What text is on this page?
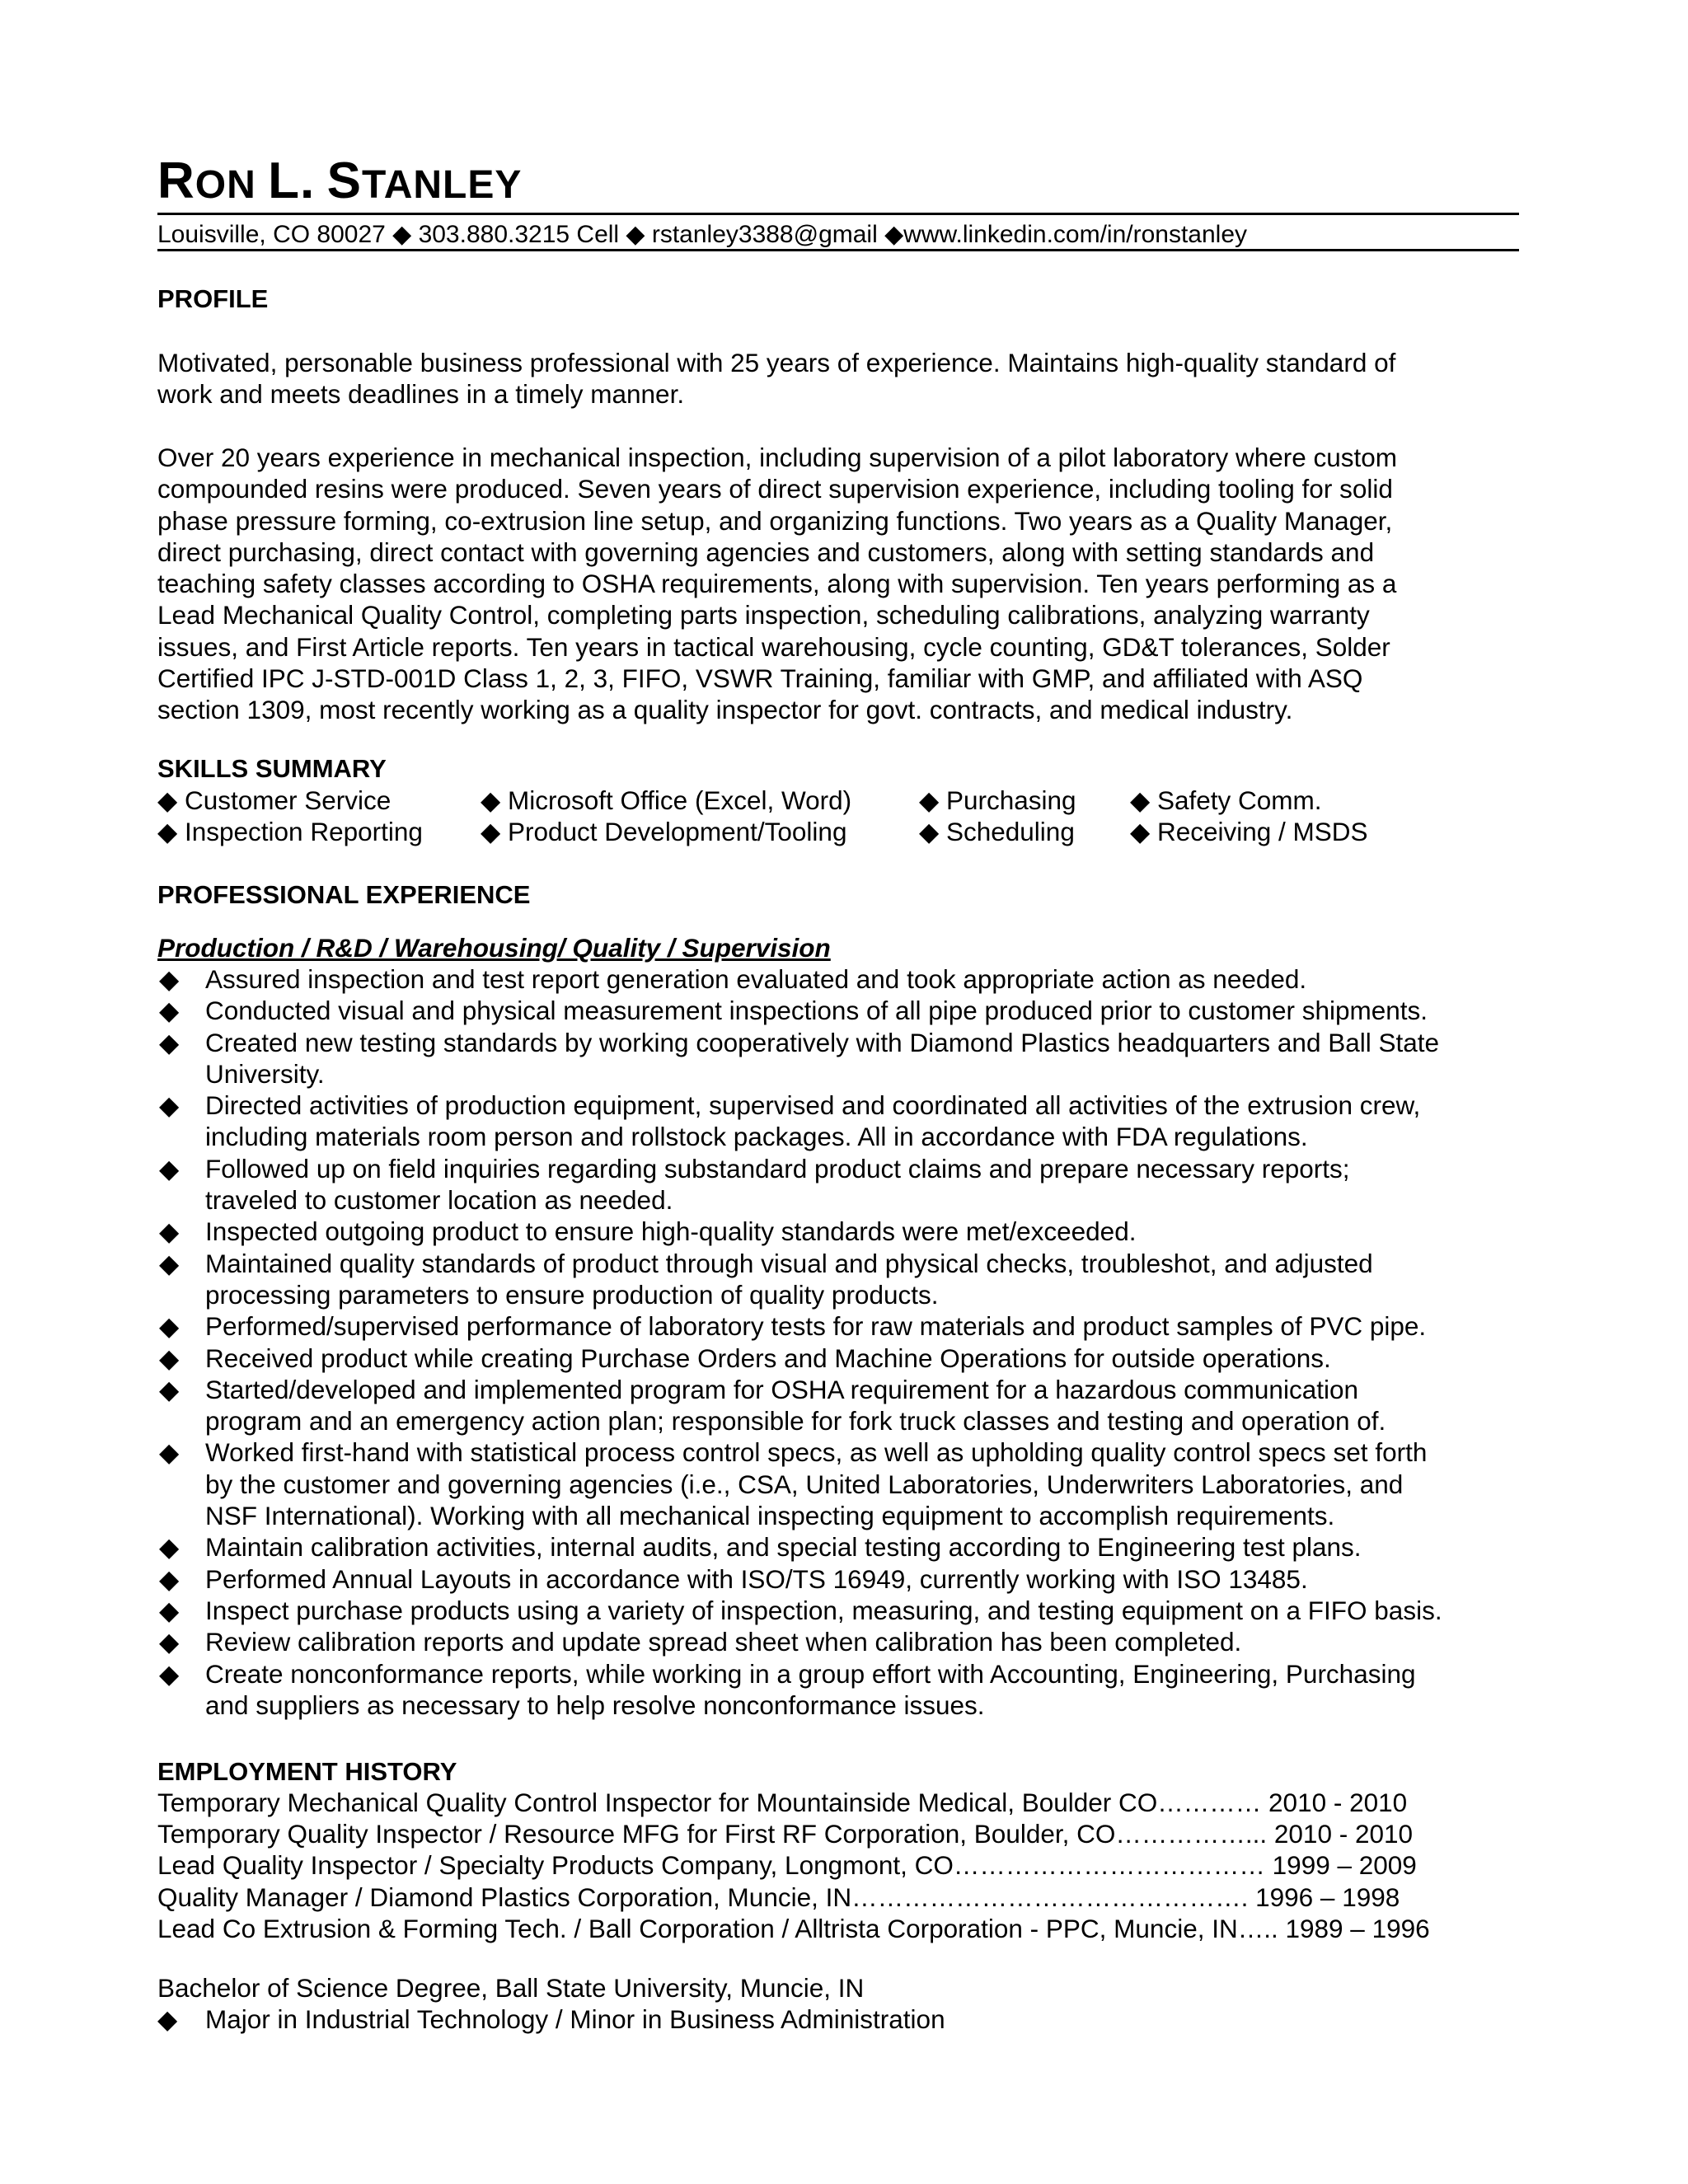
RON L. STANLEY
Louisville, CO 80027 ◆ 303.880.3215 Cell ◆ rstanley3388@gmail ◆www.linkedin.com/in/ronstanley
PROFILE
Motivated, personable business professional with 25 years of experience. Maintains high-quality standard of
work and meets deadlines in a timely manner.
Over 20 years experience in mechanical inspection, including supervision of a pilot laboratory where custom
compounded resins were produced. Seven years of direct supervision experience, including tooling for solid
phase pressure forming, co-extrusion line setup, and organizing functions. Two years as a Quality Manager,
direct purchasing, direct contact with governing agencies and customers, along with setting standards and
teaching safety classes according to OSHA requirements, along with supervision. Ten years performing as a
Lead Mechanical Quality Control, completing parts inspection, scheduling calibrations, analyzing warranty
issues, and First Article reports. Ten years in tactical warehousing, cycle counting, GD&T tolerances, Solder
Certified IPC J-STD-001D Class 1, 2, 3, FIFO, VSWR Training, familiar with GMP, and affiliated with ASQ
section 1309, most recently working as a quality inspector for govt. contracts, and medical industry.
SKILLS SUMMARY
◆ Customer Service	◆ Microsoft Office (Excel, Word)	◆ Purchasing ◆ Safety Comm.
◆ Inspection Reporting ◆ Product Development/Tooling	◆ Scheduling ◆ Receiving / MSDS
PROFESSIONAL EXPERIENCE
Production / R&D / Warehousing/ Quality / Supervision
◆ Assured inspection and test report generation evaluated and took appropriate action as needed.
◆ Conducted visual and physical measurement inspections of all pipe produced prior to customer shipments.
◆ Created new testing standards by working cooperatively with Diamond Plastics headquarters and Ball State
University.
◆ Directed activities of production equipment, supervised and coordinated all activities of the extrusion crew,
including materials room person and rollstock packages. All in accordance with FDA regulations.
◆ Followed up on field inquiries regarding substandard product claims and prepare necessary reports;
traveled to customer location as needed.
◆ Inspected outgoing product to ensure high-quality standards were met/exceeded.
◆ Maintained quality standards of product through visual and physical checks, troubleshot, and adjusted
processing parameters to ensure production of quality products.
◆ Performed/supervised performance of laboratory tests for raw materials and product samples of PVC pipe.
◆ Received product while creating Purchase Orders and Machine Operations for outside operations.
◆ Started/developed and implemented program for OSHA requirement for a hazardous communication
program and an emergency action plan; responsible for fork truck classes and testing and operation of.
◆ Worked first-hand with statistical process control specs, as well as upholding quality control specs set forth
by the customer and governing agencies (i.e., CSA, United Laboratories, Underwriters Laboratories, and
NSF International). Working with all mechanical inspecting equipment to accomplish requirements.
◆ Maintain calibration activities, internal audits, and special testing according to Engineering test plans.
◆ Performed Annual Layouts in accordance with ISO/TS 16949, currently working with ISO 13485.
◆ Inspect purchase products using a variety of inspection, measuring, and testing equipment on a FIFO basis.
◆ Review calibration reports and update spread sheet when calibration has been completed.
◆ Create nonconformance reports, while working in a group effort with Accounting, Engineering, Purchasing
and suppliers as necessary to help resolve nonconformance issues.
EMPLOYMENT HISTORY
Temporary Mechanical Quality Control Inspector for Mountainside Medical, Boulder CO………… 2010 - 2010
Temporary Quality Inspector / Resource MFG for First RF Corporation, Boulder, CO……………... 2010 - 2010
Lead Quality Inspector / Specialty Products Company, Longmont, CO……………………………… 1999 – 2009
Quality Manager / Diamond Plastics Corporation, Muncie, IN………………………………………. 1996 – 1998
Lead Co Extrusion & Forming Tech. / Ball Corporation / Alltrista Corporation - PPC, Muncie, IN….. 1989 – 1996
Bachelor of Science Degree, Ball State University, Muncie, IN
◆ Major in Industrial Technology / Minor in Business Administration
